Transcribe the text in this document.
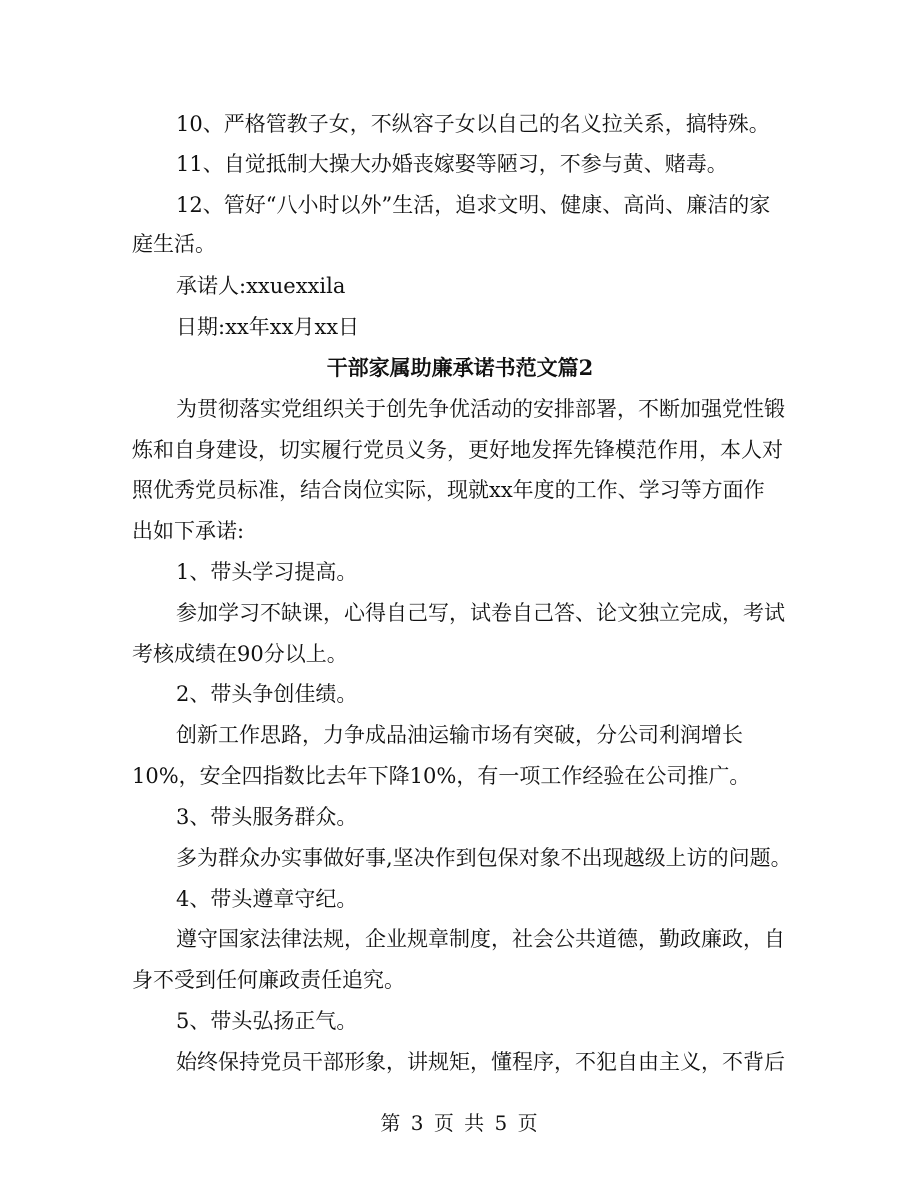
10、严格管教子女，不纵容子女以自己的名义拉关系，搞特殊。
11、自觉抵制大操大办婚丧嫁娶等陋习，不参与黄、赌毒。
12、管好“八小时以外”生活，追求文明、健康、高尚、廉洁的家
庭生活。
承诺人:xxuexxila
日期:xx年xx月xx日
干部家属助廉承诺书范文篇2
为贯彻落实党组织关于创先争优活动的安排部署，不断加强党性锻
炼和自身建设，切实履行党员义务，更好地发挥先锋模范作用，本人对
照优秀党员标准，结合岗位实际，现就xx年度的工作、学习等方面作
出如下承诺:
1、带头学习提高。
参加学习不缺课，心得自己写，试卷自己答、论文独立完成，考试
考核成绩在90分以上。
2、带头争创佳绩。
创新工作思路，力争成品油运输市场有突破，分公司利润增长
10%，安全四指数比去年下降10%，有一项工作经验在公司推广。
3、带头服务群众。
多为群众办实事做好事,坚决作到包保对象不出现越级上访的问题。
4、带头遵章守纪。
遵守国家法律法规，企业规章制度，社会公共道德，勤政廉政，自
身不受到任何廉政责任追究。
5、带头弘扬正气。
始终保持党员干部形象，讲规矩，懂程序，不犯自由主义，不背后
第 3 页 共 5 页
